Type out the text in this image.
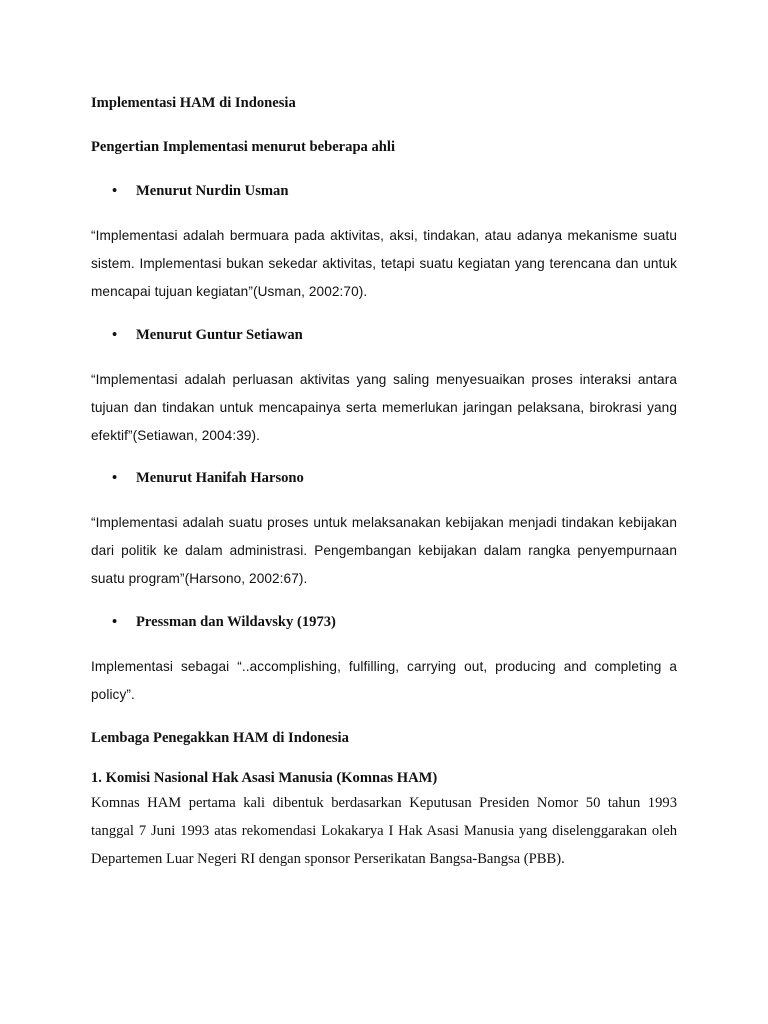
Implementasi HAM di Indonesia
Pengertian Implementasi menurut beberapa ahli
• Menurut Nurdin Usman

“Implementasi adalah bermuara pada aktivitas, aksi, tindakan, atau adanya mekanisme suatu sistem. Implementasi bukan sekedar aktivitas, tetapi suatu kegiatan yang terencana dan untuk mencapai tujuan kegiatan”(Usman, 2002:70).

• Menurut Guntur Setiawan

“Implementasi adalah perluasan aktivitas yang saling menyesuaikan proses interaksi antara tujuan dan tindakan untuk mencapainya serta memerlukan jaringan pelaksana, birokrasi yang efektif”(Setiawan, 2004:39).

• Menurut Hanifah Harsono

“Implementasi adalah suatu proses untuk melaksanakan kebijakan menjadi tindakan kebijakan dari politik ke dalam administrasi. Pengembangan kebijakan dalam rangka penyempurnaan suatu program”(Harsono, 2002:67).

• Pressman dan Wildavsky (1973)

Implementasi sebagai “..accomplishing, fulfilling, carrying out, producing and completing a policy”.

Lembaga Penegakkan HAM di Indonesia
1. Komisi Nasional Hak Asasi Manusia (Komnas HAM)

Komnas HAM pertama kali dibentuk berdasarkan Keputusan Presiden Nomor 50 tahun 1993 tanggal 7 Juni 1993 atas rekomendasi Lokakarya I Hak Asasi Manusia yang diselenggarakan oleh Departemen Luar Negeri RI dengan sponsor Perserikatan Bangsa-Bangsa (PBB).
